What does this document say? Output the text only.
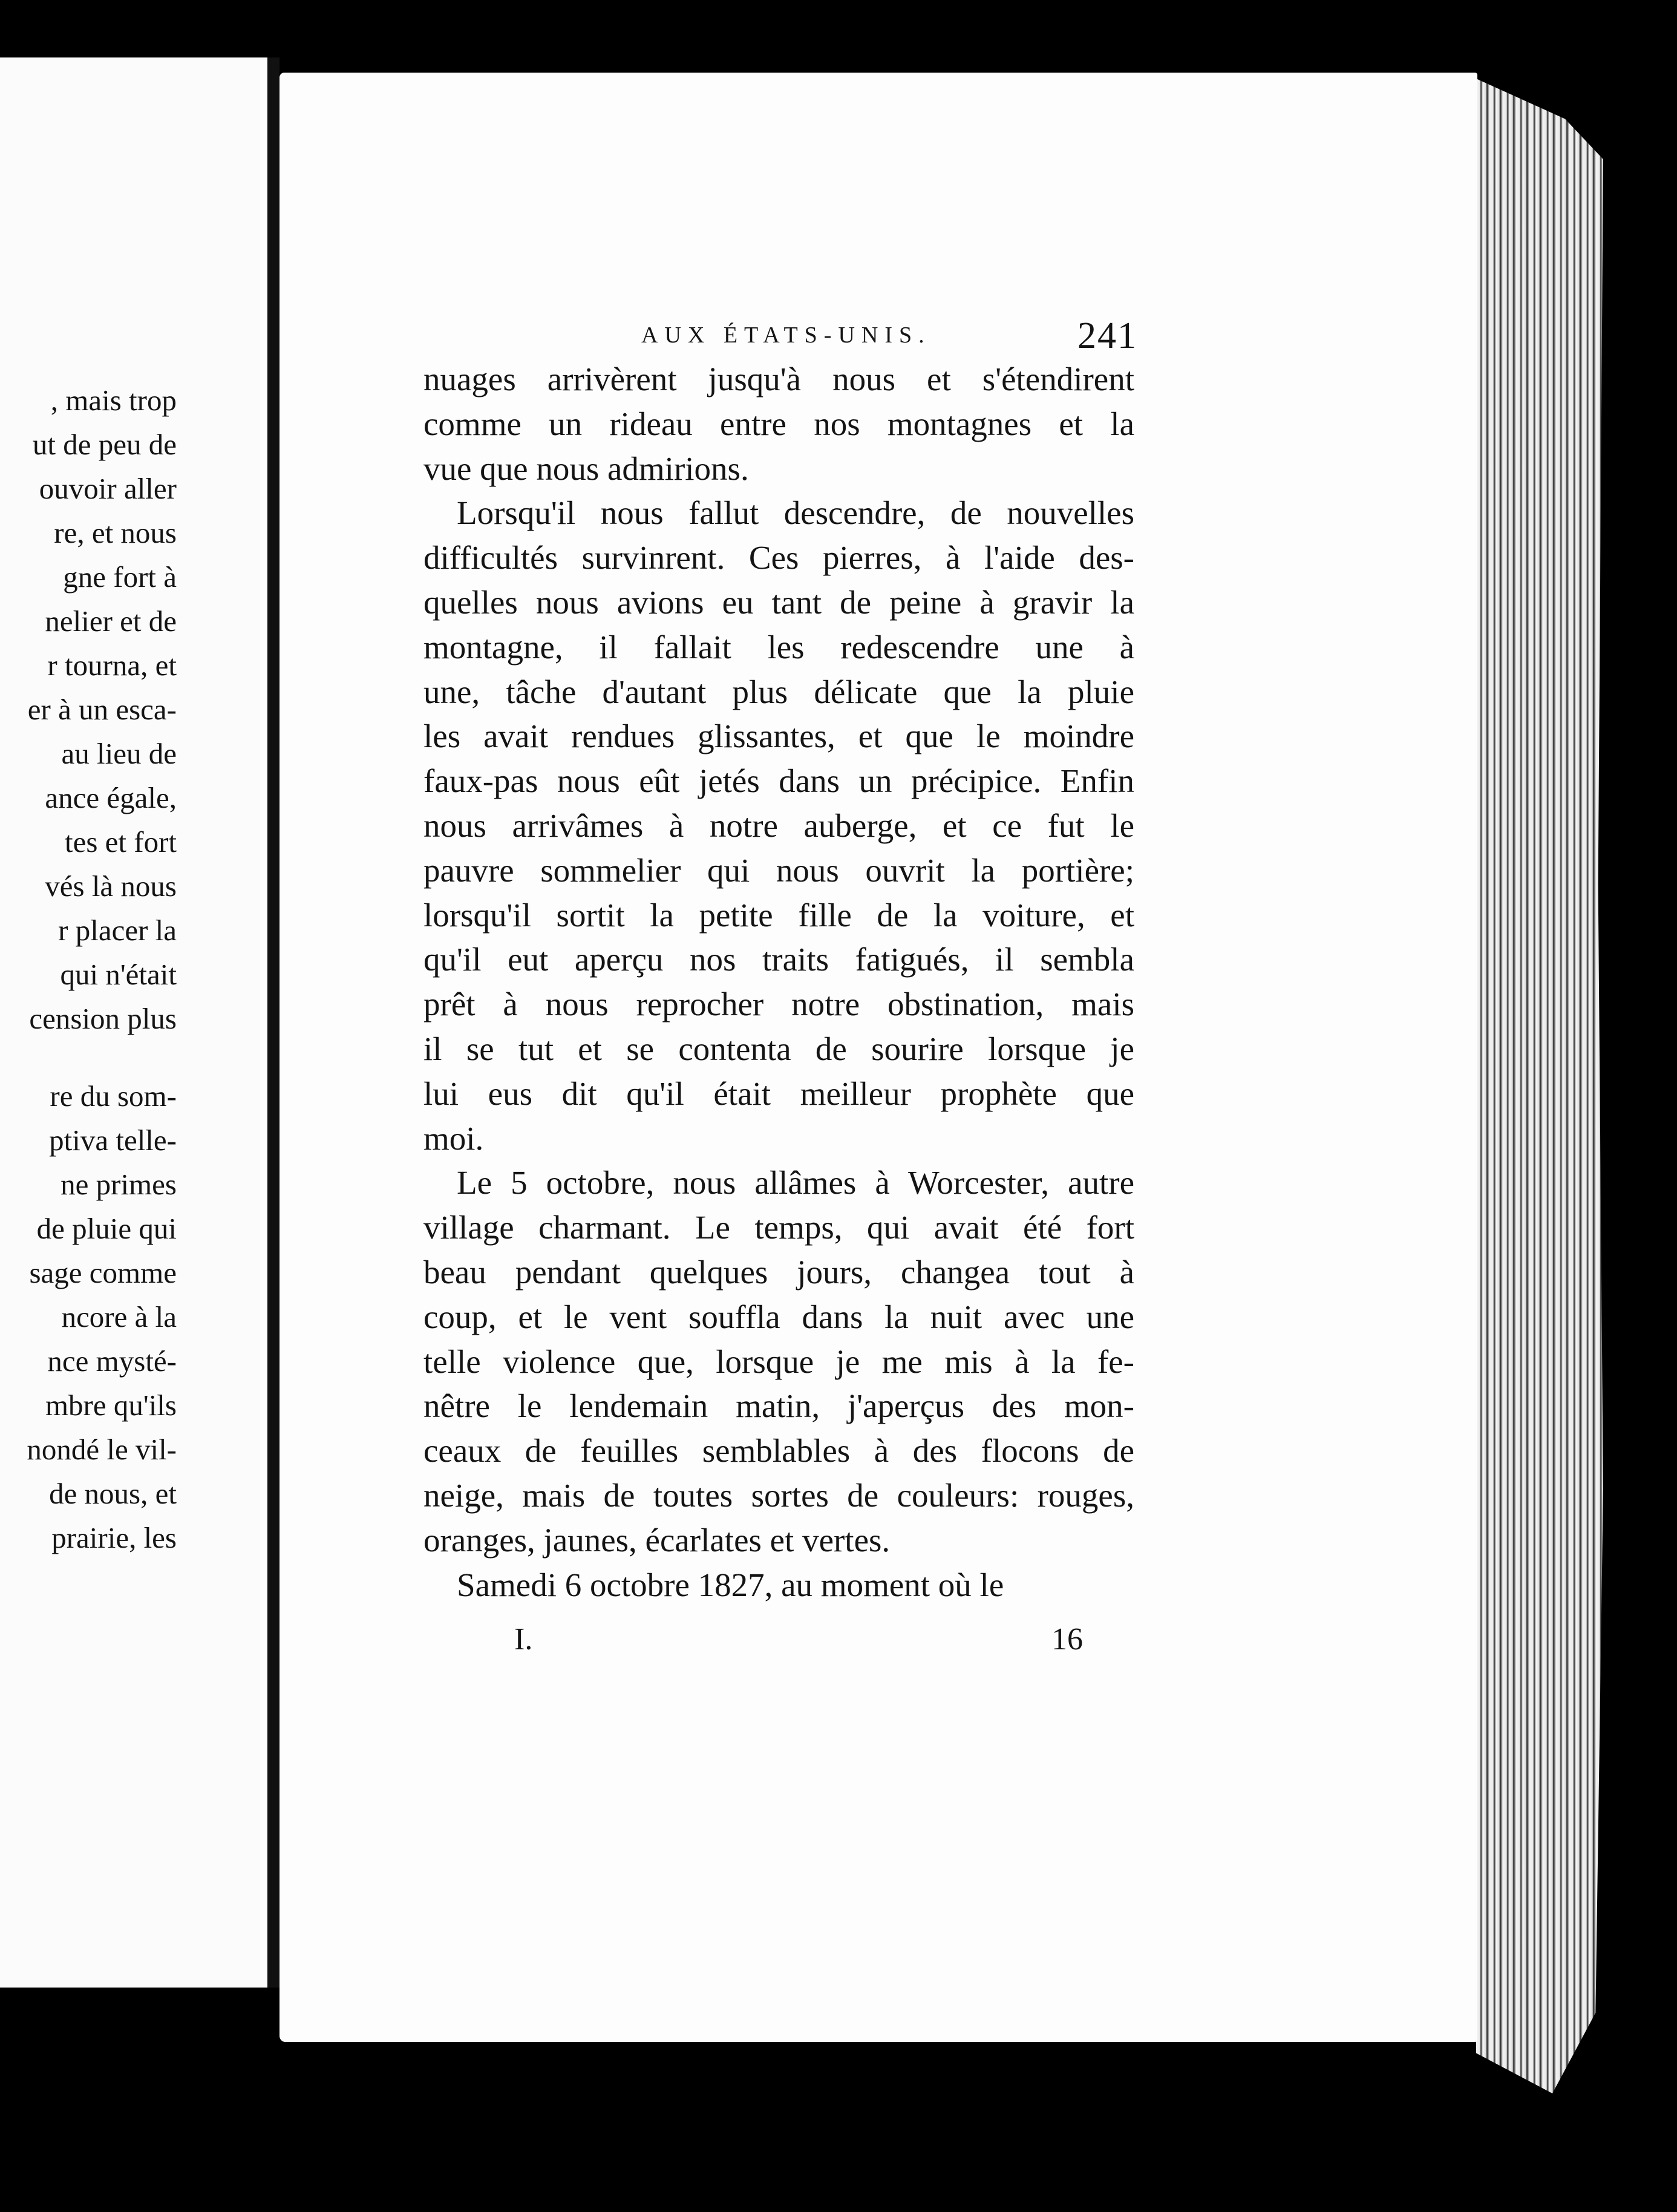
, mais trop
ut de peu de
ouvoir aller
re, et nous
gne fort à
nelier et de
r tourna, et
er à un esca-
au lieu de
ance égale,
tes et fort
vés là nous
r placer la
qui n'était
cension plus
re du som-
ptiva telle-
ne primes
de pluie qui
sage comme
ncore à la
nce mysté-
mbre qu'ils
nondé le vil-
de nous, et
prairie, les
AUX ÉTATS-UNIS.	241
nuages arrivèrent jusqu'à nous et s'étendirent
comme un rideau entre nos montagnes et la
vue que nous admirions.
Lorsqu'il nous fallut descendre, de nouvelles
difficultés survinrent. Ces pierres, à l'aide des-
quelles nous avions eu tant de peine à gravir la
montagne, il fallait les redescendre une à
une, tâche d'autant plus délicate que la pluie
les avait rendues glissantes, et que le moindre
faux-pas nous eût jetés dans un précipice. Enfin
nous arrivâmes à notre auberge, et ce fut le
pauvre sommelier qui nous ouvrit la portière;
lorsqu'il sortit la petite fille de la voiture, et
qu'il eut aperçu nos traits fatigués, il sembla
prêt à nous reprocher notre obstination, mais
il se tut et se contenta de sourire lorsque je
lui eus dit qu'il était meilleur prophète que
moi.
Le 5 octobre, nous allâmes à Worcester, autre
village charmant. Le temps, qui avait été fort
beau pendant quelques jours, changea tout à
coup, et le vent souffla dans la nuit avec une
telle violence que, lorsque je me mis à la fe-
nêtre le lendemain matin, j'aperçus des mon-
ceaux de feuilles semblables à des flocons de
neige, mais de toutes sortes de couleurs: rouges,
oranges, jaunes, écarlates et vertes.
Samedi 6 octobre 1827, au moment où le
I.	16
